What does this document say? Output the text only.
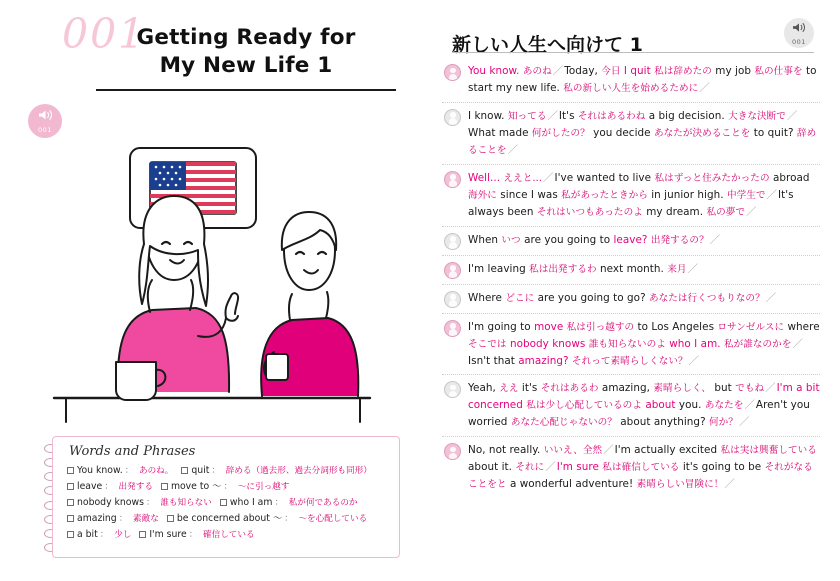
001
Getting Ready for
My New Life 1
001
Words and Phrases
You know. ： あのね。 quit ： 辞める（過去形、過去分詞形も同形）
leave ： 出発する move to ～ ： ～に引っ越す
nobody knows ： 誰も知らない who I am ： 私が何であるのか
amazing ： 素敵な be concerned about ～ ： ～を心配している
a bit ： 少し I'm sure ： 確信している
新しい人生へ向けて 1	001
You know. あのね／Today, 今日 I quit 私は辞めたの my job 私の仕事を to start my new life. 私の新しい人生を始めるために／
I know. 知ってる／It's それはあるわね a big decision. 大きな決断で／What made 何がしたの？ you decide あなたが決めることを to quit? 辞めることを／
Well... ええと…／I've wanted to live 私はずっと住みたかったの abroad 海外に since I was 私があったときから in junior high. 中学生で／It's always been それはいつもあったのよ my dream. 私の夢で／
When いつ are you going to leave? 出発するの？／
I'm leaving 私は出発するわ next month. 来月／
Where どこに are you going to go? あなたは行くつもりなの？／
I'm going to move 私は引っ越すの to Los Angeles ロサンゼルスに where そこでは nobody knows 誰も知らないのよ who I am. 私が誰なのかを／Isn't that amazing? それって素晴らしくない？／
Yeah, ええ it's それはあるわ amazing, 素晴らしく、 but でもね／I'm a bit concerned 私は少し心配しているのよ about you. あなたを／Aren't you worried あなた心配じゃないの？ about anything? 何か？／
No, not really. いいえ、全然／I'm actually excited 私は実は興奮している about it. それに／I'm sure 私は確信している it's going to be それがなることをと a wonderful adventure! 素晴らしい冒険に！／
